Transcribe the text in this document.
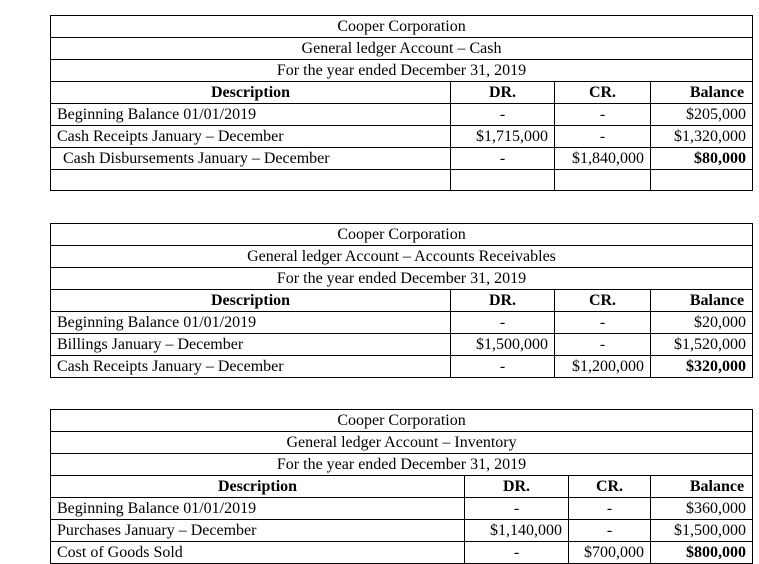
Cooper Corporation			
General ledger Account – Cash			
For the year ended December 31, 2019			
Description	DR.	CR.	Balance
Beginning Balance 01/01/2019	-	-	$205,000
Cash Receipts January – December	$1,715,000	-	$1,320,000
Cash Disbursements January – December	-	$1,840,000	$80,000

Cooper Corporation			
General ledger Account – Accounts Receivables			
For the year ended December 31, 2019			
Description	DR.	CR.	Balance
Beginning Balance 01/01/2019	-	-	$20,000
Billings January – December	$1,500,000	-	$1,520,000
Cash Receipts January – December	-	$1,200,000	$320,000
Cooper Corporation			
General ledger Account – Inventory			
For the year ended December 31, 2019			
Description	DR.	CR.	Balance
Beginning Balance 01/01/2019	-	-	$360,000
Purchases January – December	$1,140,000	-	$1,500,000
Cost of Goods Sold	-	$700,000	$800,000
